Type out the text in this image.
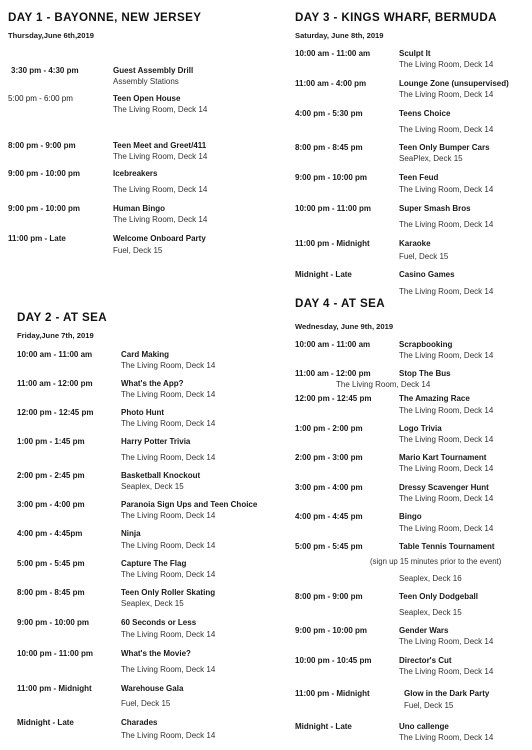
DAY 1 - BAYONNE, NEW JERSEY
Thursday,June 6th,2019
3:30 pm - 4:30 pm	Guest Assembly Drill
Assembly Stations
5:00 pm - 6:00 pm	Teen Open House
The Living Room, Deck 14
8:00 pm - 9:00 pm	Teen Meet and Greet/411
The Living Room, Deck 14
9:00 pm - 10:00 pm	Icebreakers
The Living Room, Deck 14
9:00 pm - 10:00 pm	Human Bingo
The Living Room, Deck 14
11:00 pm - Late	Welcome Onboard Party
Fuel, Deck 15
DAY 2 - AT SEA
Friday,June 7th, 2019
10:00 am - 11:00 am	Card Making
The Living Room, Deck 14
11:00 am - 12:00 pm	What's the App?
The Living Room, Deck 14
12:00 pm - 12:45 pm	Photo Hunt
The Living Room, Deck 14
1:00 pm - 1:45 pm	Harry Potter Trivia
The Living Room, Deck 14
2:00 pm - 2:45 pm	Basketball Knockout
Seaplex, Deck 15
3:00 pm - 4:00 pm	Paranoia Sign Ups and Teen Choice
The Living Room, Deck 14
4:00 pm - 4:45pm	Ninja
The Living Room, Deck 14
5:00 pm - 5:45 pm	Capture The Flag
The Living Room, Deck 14
8:00 pm - 8:45 pm	Teen Only Roller Skating
Seaplex, Deck 15
9:00 pm - 10:00 pm	60 Seconds or Less
The Living Room, Deck 14
10:00 pm - 11:00 pm	What's the Movie?
The Living Room, Deck 14
11:00 pm - Midnight	Warehouse Gala
Fuel, Deck 15
Midnight - Late	Charades
The Living Room, Deck 14
DAY 3 - KINGS WHARF, BERMUDA
Saturday, June 8th, 2019
10:00 am - 11:00 am	Sculpt It
The Living Room, Deck 14
11:00 am - 4:00 pm	Lounge Zone (unsupervised)
The Living Room, Deck 14
4:00 pm - 5:30 pm	Teens Choice
The Living Room, Deck 14
8:00 pm - 8:45 pm	Teen Only Bumper Cars
SeaPlex, Deck 15
9:00 pm - 10:00 pm	Teen Feud
The Living Room, Deck 14
10:00 pm - 11:00 pm	Super Smash Bros
The Living Room, Deck 14
11:00 pm - Midnight	Karaoke
Fuel, Deck 15
Midnight - Late	Casino Games
The Living Room, Deck 14
DAY 4 - AT SEA
Wednesday, June 9th, 2019
10:00 am - 11:00 am	Scrapbooking
The Living Room, Deck 14
11:00 am - 12:00 pm	Stop The Bus
The Living Room, Deck 14
12:00 pm - 12:45 pm	The Amazing Race
The Living Room, Deck 14
1:00 pm - 2:00 pm	Logo Trivia
The Living Room, Deck 14
2:00 pm - 3:00 pm	Mario Kart Tournament
The Living Room, Deck 14
3:00 pm - 4:00 pm	Dressy Scavenger Hunt
The Living Room, Deck 14
4:00 pm - 4:45 pm	Bingo
The Living Room, Deck 14
5:00 pm - 5:45 pm	Table Tennis Tournament
Seaplex, Deck 16
(sign up 15 minutes prior to the event)
8:00 pm - 9:00 pm	Teen Only Dodgeball
Seaplex, Deck 15
9:00 pm - 10:00 pm	Gender Wars
The Living Room, Deck 14
10:00 pm - 10:45 pm	Director's Cut
The Living Room, Deck 14
11:00 pm - Midnight	Glow in the Dark Party
Fuel, Deck 15
Midnight - Late	Uno callenge
The Living Room, Deck 14
